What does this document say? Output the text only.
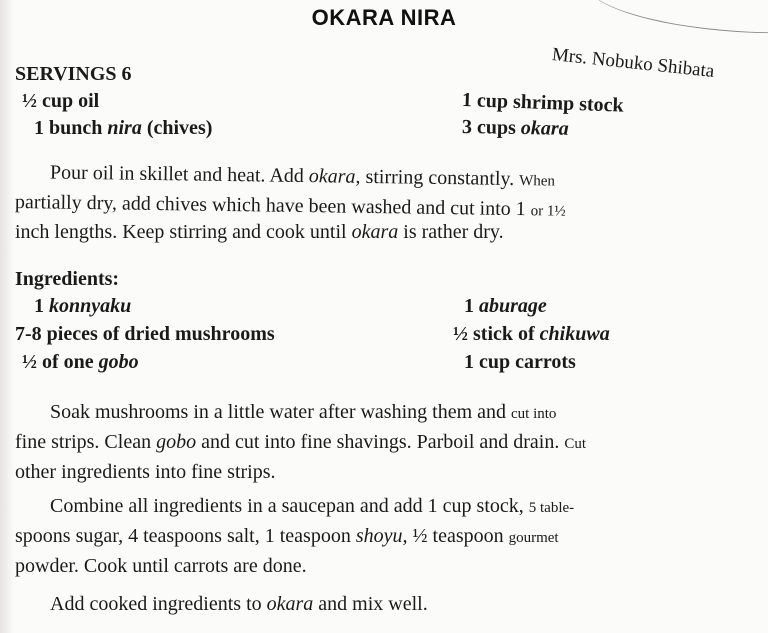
OKARA NIRA
Mrs. Nobuko Shibata
SERVINGS 6
½ cup oil
1 bunch nira (chives)
1 cup shrimp stock
3 cups okara
Pour oil in skillet and heat. Add okara, stirring constantly. When
partially dry, add chives which have been washed and cut into 1 or 1½
inch lengths. Keep stirring and cook until okara is rather dry.
Ingredients:
1 konnyaku
7-8 pieces of dried mushrooms
½ of one gobo
1 aburage
½ stick of chikuwa
1 cup carrots
Soak mushrooms in a little water after washing them and cut into
fine strips. Clean gobo and cut into fine shavings. Parboil and drain. Cut
other ingredients into fine strips.
Combine all ingredients in a saucepan and add 1 cup stock, 5 table-
spoons sugar, 4 teaspoons salt, 1 teaspoon shoyu, ½ teaspoon gourmet
powder. Cook until carrots are done.
Add cooked ingredients to okara and mix well.
